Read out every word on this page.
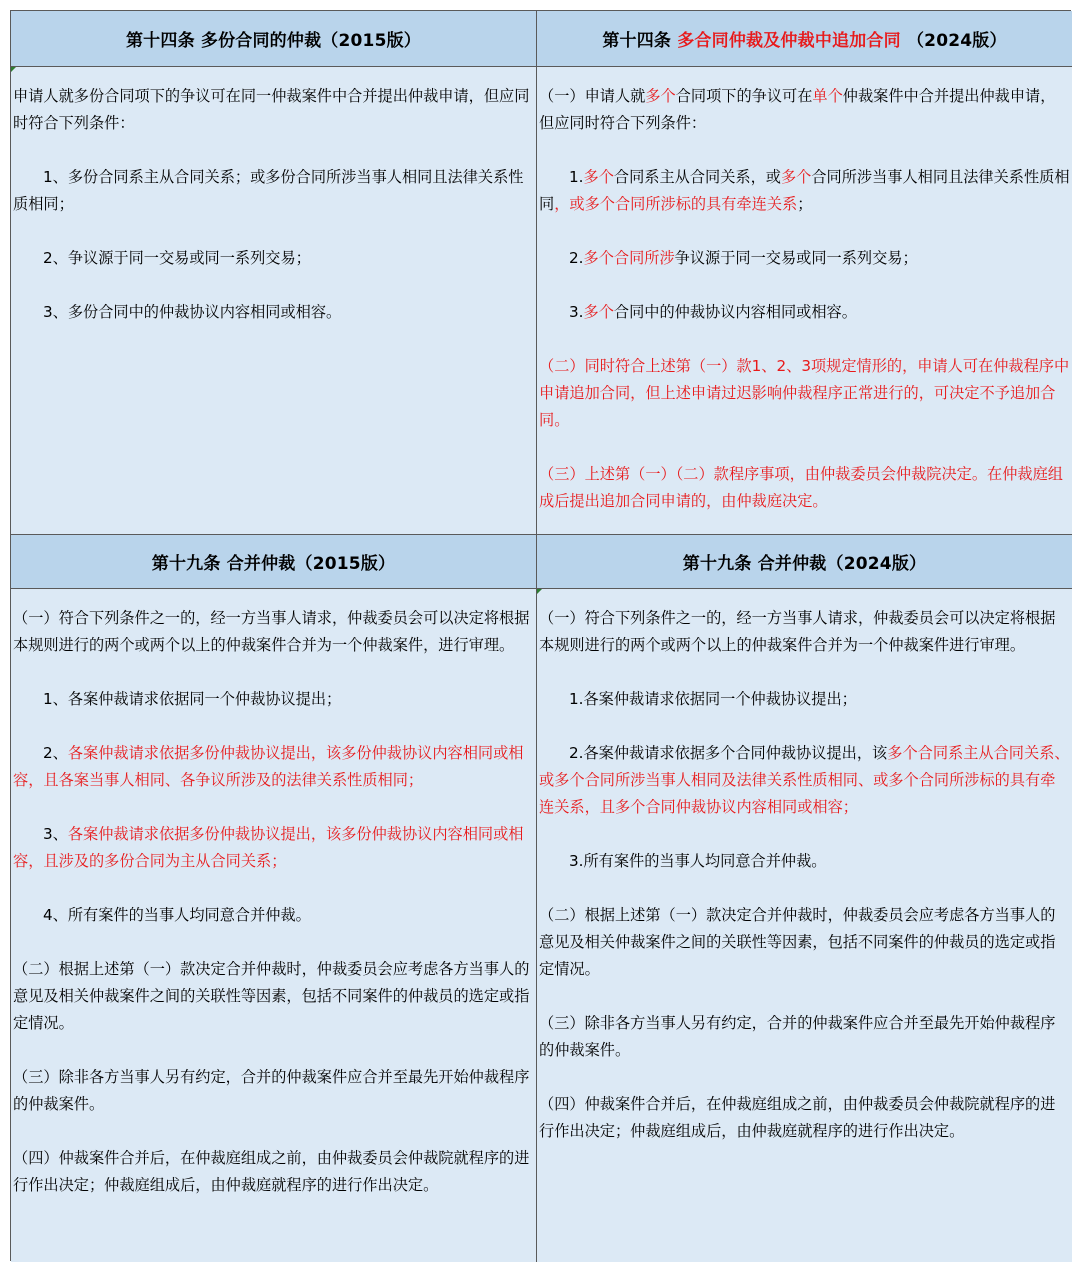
第十四条 多份合同的仲裁（2015版）	第十四条 多合同仲裁及仲裁中追加合同 （2024版）

申请人就多份合同项下的争议可在同一仲裁案件中合并提出仲裁申请，但应同时符合下列条件：

1、多份合同系主从合同关系；或多份合同所涉当事人相同且法律关系性质相同；

2、争议源于同一交易或同一系列交易；

3、多份合同中的仲裁协议内容相同或相容。

（一）申请人就多个合同项下的争议可在单个仲裁案件中合并提出仲裁申请，但应同时符合下列条件：

1.多个合同系主从合同关系，或多个合同所涉当事人相同且法律关系性质相同，或多个合同所涉标的具有牵连关系；

2.多个合同所涉争议源于同一交易或同一系列交易；

3.多个合同中的仲裁协议内容相同或相容。

（二）同时符合上述第（一）款1、2、3项规定情形的，申请人可在仲裁程序中申请追加合同，但上述申请过迟影响仲裁程序正常进行的，可决定不予追加合同。

（三）上述第（一）（二）款程序事项，由仲裁委员会仲裁院决定。在仲裁庭组成后提出追加合同申请的，由仲裁庭决定。

第十九条 合并仲裁（2015版）	第十九条 合并仲裁（2024版）

（一）符合下列条件之一的，经一方当事人请求，仲裁委员会可以决定将根据本规则进行的两个或两个以上的仲裁案件合并为一个仲裁案件，进行审理。

1、各案仲裁请求依据同一个仲裁协议提出；

2、各案仲裁请求依据多份仲裁协议提出，该多份仲裁协议内容相同或相容，且各案当事人相同、各争议所涉及的法律关系性质相同；

3、各案仲裁请求依据多份仲裁协议提出，该多份仲裁协议内容相同或相容，且涉及的多份合同为主从合同关系；

4、所有案件的当事人均同意合并仲裁。

（二）根据上述第（一）款决定合并仲裁时，仲裁委员会应考虑各方当事人的意见及相关仲裁案件之间的关联性等因素，包括不同案件的仲裁员的选定或指定情况。

（三）除非各方当事人另有约定，合并的仲裁案件应合并至最先开始仲裁程序的仲裁案件。

（四）仲裁案件合并后，在仲裁庭组成之前，由仲裁委员会仲裁院就程序的进行作出决定；仲裁庭组成后，由仲裁庭就程序的进行作出决定。

（一）符合下列条件之一的，经一方当事人请求，仲裁委员会可以决定将根据本规则进行的两个或两个以上的仲裁案件合并为一个仲裁案件进行审理。

1.各案仲裁请求依据同一个仲裁协议提出；

2.各案仲裁请求依据多个合同仲裁协议提出，该多个合同系主从合同关系、或多个合同所涉当事人相同及法律关系性质相同、或多个合同所涉标的具有牵连关系，且多个合同仲裁协议内容相同或相容；

3.所有案件的当事人均同意合并仲裁。

（二）根据上述第（一）款决定合并仲裁时，仲裁委员会应考虑各方当事人的意见及相关仲裁案件之间的关联性等因素，包括不同案件的仲裁员的选定或指定情况。

（三）除非各方当事人另有约定，合并的仲裁案件应合并至最先开始仲裁程序的仲裁案件。

（四）仲裁案件合并后，在仲裁庭组成之前，由仲裁委员会仲裁院就程序的进行作出决定；仲裁庭组成后，由仲裁庭就程序的进行作出决定。
